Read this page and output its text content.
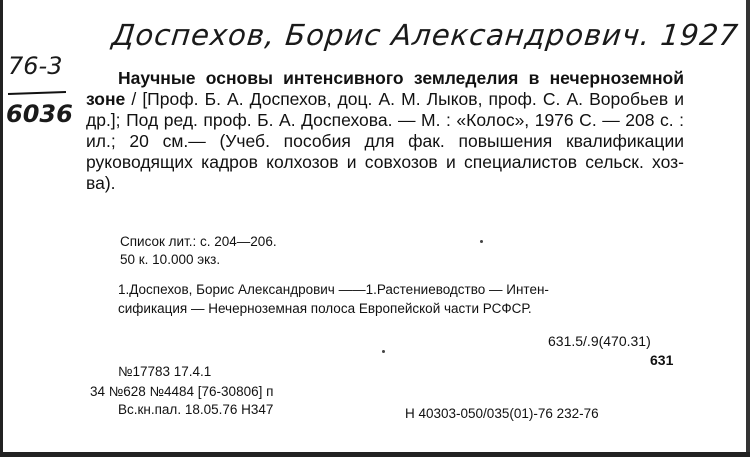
Доспехов, Борис Александрович. 1927
76-3
6036
Научные основы интенсивного земледелия в нечерноземной зоне / [Проф. Б. А. Доспехов, доц. А. М. Лыков, проф. С. А. Воробьев и др.]; Под ред. проф. Б. А. Доспехова. — М. : «Колос», 1976 С. — 208 с. : ил.; 20 см.— (Учеб. пособия для фак. повышения квалификации руководящих кадров колхозов и совхозов и специалистов сельск. хоз-ва).
Список лит.: с. 204—206.
50 к. 10.000 экз.
1.Доспехов, Борис Александрович ——1.Растениеводство — Интен-
сификация — Нечерноземная полоса Европейской части РСФСР.
631.5/.9(470.31)
631
№17783 17.4.1
34 №628 №4484 [76-30806] п
Вс.кн.пал. 18.05.76 Н347	Н 40303-050/035(01)-76 232-76
